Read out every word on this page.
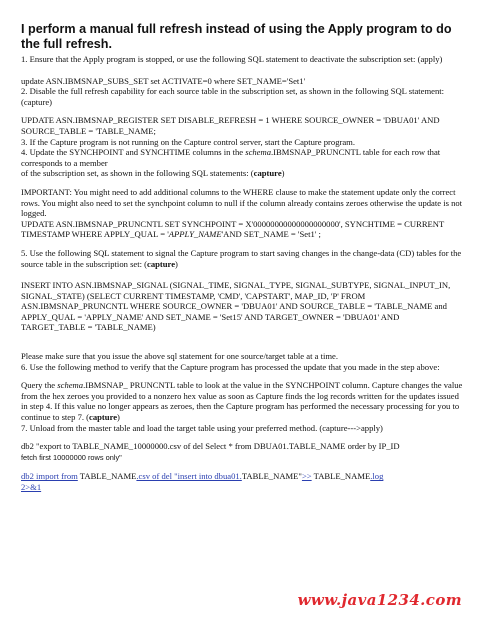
I perform a manual full refresh instead of using the Apply program to do the full refresh.

1. Ensure that the Apply program is stopped, or use the following SQL statement to deactivate the subscription set: (apply)

update ASN.IBMSNAP_SUBS_SET set ACTIVATE=0 where SET_NAME='Set1'

2. Disable the full refresh capability for each source table in the subscription set, as shown in the following SQL statement: (capture)

UPDATE ASN.IBMSNAP_REGISTER SET DISABLE_REFRESH = 1 WHERE SOURCE_OWNER = 'DBUA01' AND SOURCE_TABLE = 'TABLE_NAME;

3. If the Capture program is not running on the Capture control server, start the Capture program.

4. Update the SYNCHPOINT and SYNCHTIME columns in the schema.IBMSNAP_PRUNCNTL table for each row that corresponds to a member
of the subscription set, as shown in the following SQL statements: (capture)

IMPORTANT: You might need to add additional columns to the WHERE clause to make the statement update only the correct rows. You might also need to set the synchpoint column to null if the column already contains zeroes otherwise the update is not logged.

UPDATE ASN.IBMSNAP_PRUNCNTL SET SYNCHPOINT = X'00000000000000000000', SYNCHTIME = CURRENT TIMESTAMP WHERE APPLY_QUAL = 'APPLY_NAME'AND SET_NAME = 'Set1' ;

5. Use the following SQL statement to signal the Capture program to start saving changes in the change-data (CD) tables for the source table in the subscription set: (capture)

INSERT INTO ASN.IBMSNAP_SIGNAL (SIGNAL_TIME, SIGNAL_TYPE, SIGNAL_SUBTYPE, SIGNAL_INPUT_IN, SIGNAL_STATE) (SELECT CURRENT TIMESTAMP, 'CMD', 'CAPSTART', MAP_ID, 'P' FROM ASN.IBMSNAP_PRUNCNTL WHERE SOURCE_OWNER = 'DBUA01' AND SOURCE_TABLE = 'TABLE_NAME and APPLY_QUAL = 'APPLY_NAME' AND SET_NAME = 'Set15' AND TARGET_OWNER = 'DBUA01' AND TARGET_TABLE = 'TABLE_NAME)

Please make sure that you issue the above sql statement for one source/target table at a time.

6. Use the following method to verify that the Capture program has processed the update that you made in the step above:

Query the schema.IBMSNAP_ PRUNCNTL table to look at the value in the SYNCHPOINT column. Capture changes the value from the hex zeroes you provided to a nonzero hex value as soon as Capture finds the log records written for the updates issued in step 4. If this value no longer appears as zeroes, then the Capture program has performed the necessary processing for you to continue to step 7. (capture)

7. Unload from the master table and load the target table using your preferred method. (capture--->apply)

db2 "export to TABLE_NAME_10000000.csv of del Select * from DBUA01.TABLE_NAME order by IP_ID
fetch first 10000000 rows only"

db2 import from TABLE_NAME.csv of del "insert into dbua01.TABLE_NAME">> TABLE_NAME.log
2>&1

www.java1234.com
